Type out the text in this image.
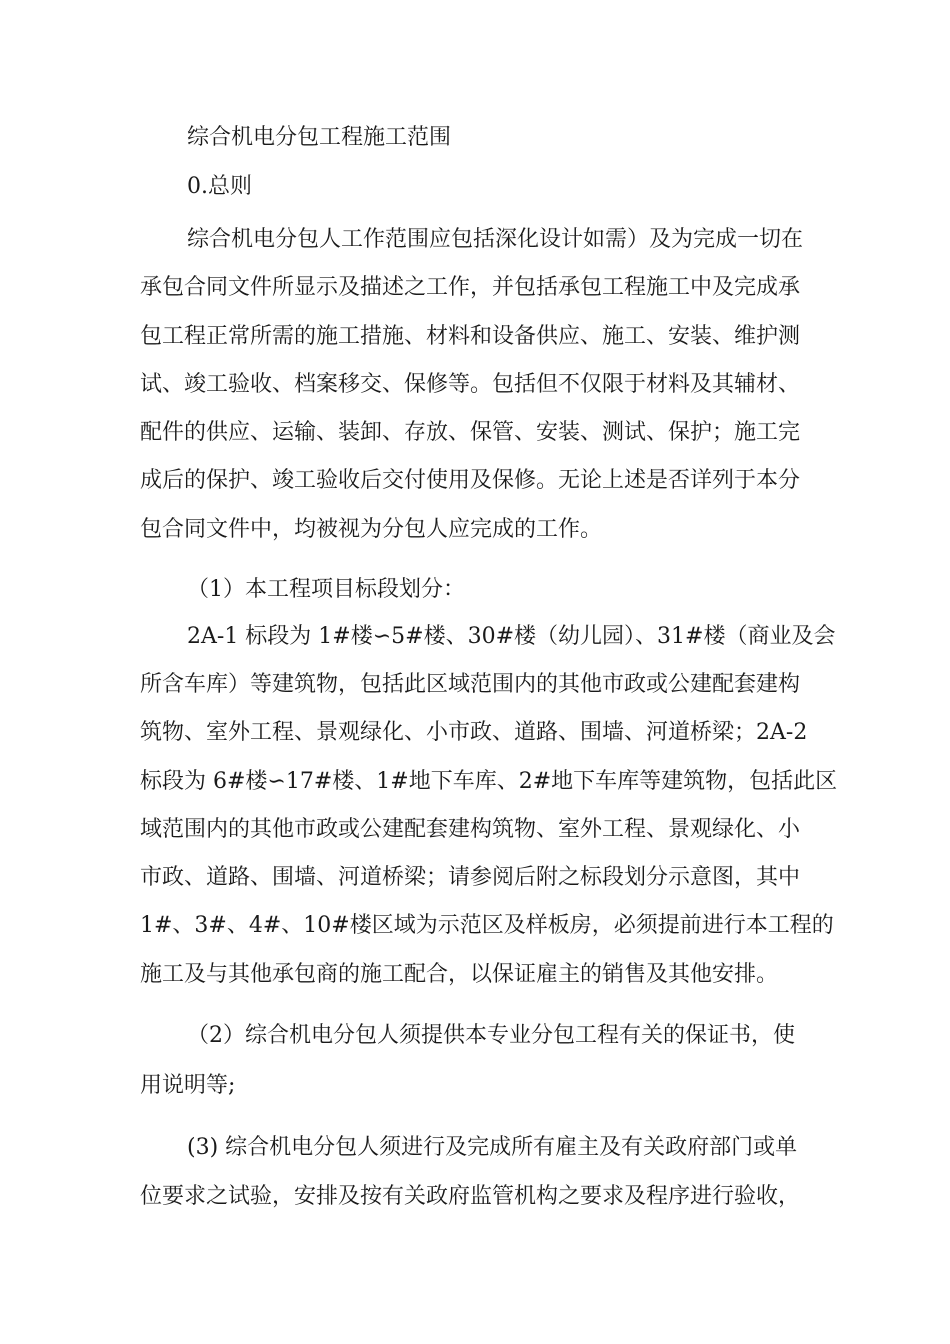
综合机电分包工程施工范围
0.总则
综合机电分包人工作范围应包括深化设计如需）及为完成一切在
承包合同文件所显示及描述之工作，并包括承包工程施工中及完成承
包工程正常所需的施工措施、材料和设备供应、施工、安装、维护测
试、竣工验收、档案移交、保修等。包括但不仅限于材料及其辅材、
配件的供应、运输、装卸、存放、保管、安装、测试、保护；施工完
成后的保护、竣工验收后交付使用及保修。无论上述是否详列于本分
包合同文件中，均被视为分包人应完成的工作。
（1）本工程项目标段划分：
2A-1 标段为 1#楼∽5#楼、30#楼（幼儿园）、31#楼（商业及会
所含车库）等建筑物，包括此区域范围内的其他市政或公建配套建构
筑物、室外工程、景观绿化、小市政、道路、围墙、河道桥梁；2A-2
标段为 6#楼∽17#楼、1#地下车库、2#地下车库等建筑物，包括此区
域范围内的其他市政或公建配套建构筑物、室外工程、景观绿化、小
市政、道路、围墙、河道桥梁；请参阅后附之标段划分示意图，其中
1#、3#、4#、10#楼区域为示范区及样板房，必须提前进行本工程的
施工及与其他承包商的施工配合，以保证雇主的销售及其他安排。
（2）综合机电分包人须提供本专业分包工程有关的保证书，使
用说明等;
(3) 综合机电分包人须进行及完成所有雇主及有关政府部门或单
位要求之试验，安排及按有关政府监管机构之要求及程序进行验收，
